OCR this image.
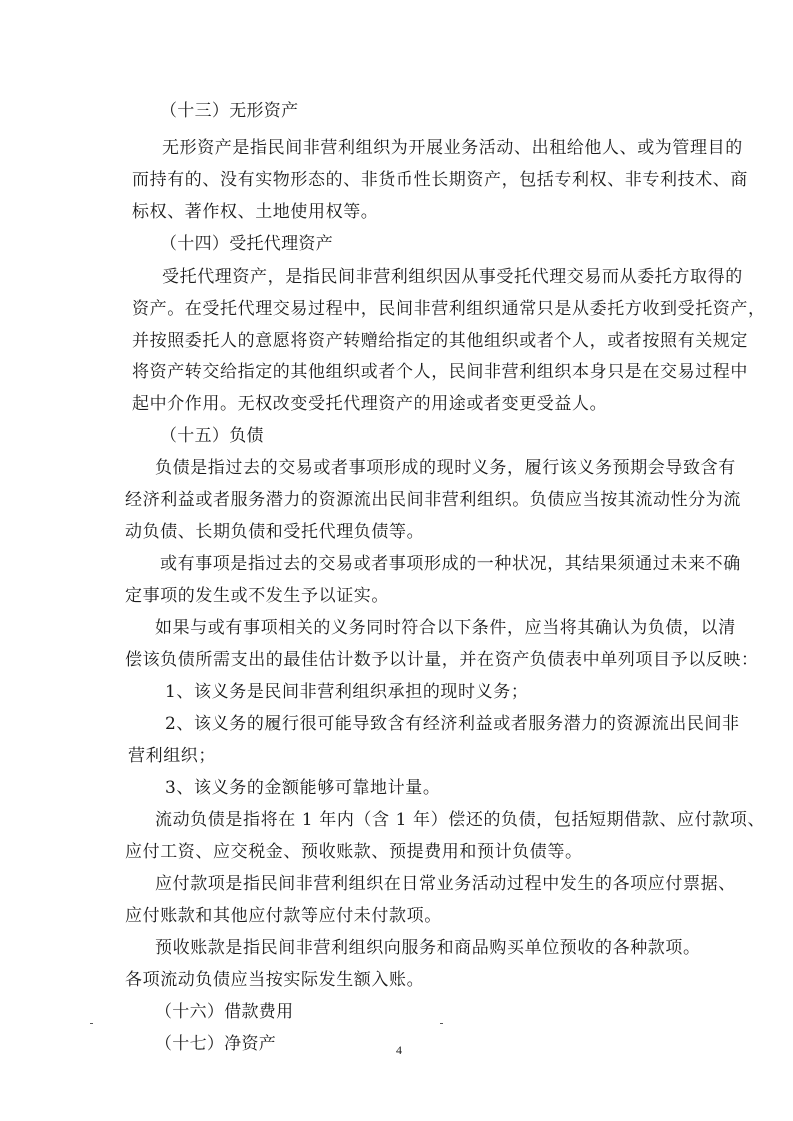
（十三）无形资产
无形资产是指民间非营利组织为开展业务活动、出租给他人、或为管理目的
而持有的、没有实物形态的、非货币性长期资产，包括专利权、非专利技术、商
标权、著作权、土地使用权等。
（十四）受托代理资产
受托代理资产，是指民间非营利组织因从事受托代理交易而从委托方取得的
资产。在受托代理交易过程中，民间非营利组织通常只是从委托方收到受托资产，
并按照委托人的意愿将资产转赠给指定的其他组织或者个人，或者按照有关规定
将资产转交给指定的其他组织或者个人，民间非营利组织本身只是在交易过程中
起中介作用。无权改变受托代理资产的用途或者变更受益人。
（十五）负债
负债是指过去的交易或者事项形成的现时义务，履行该义务预期会导致含有
经济利益或者服务潜力的资源流出民间非营利组织。负债应当按其流动性分为流
动负债、长期负债和受托代理负债等。
或有事项是指过去的交易或者事项形成的一种状况，其结果须通过未来不确
定事项的发生或不发生予以证实。
如果与或有事项相关的义务同时符合以下条件，应当将其确认为负债，以清
偿该负债所需支出的最佳估计数予以计量，并在资产负债表中单列项目予以反映：
1、该义务是民间非营利组织承担的现时义务；
2、该义务的履行很可能导致含有经济利益或者服务潜力的资源流出民间非
营利组织；
3、该义务的金额能够可靠地计量。
流动负债是指将在 1 年内（含 1 年）偿还的负债，包括短期借款、应付款项、
应付工资、应交税金、预收账款、预提费用和预计负债等。
应付款项是指民间非营利组织在日常业务活动过程中发生的各项应付票据、
应付账款和其他应付款等应付未付款项。
预收账款是指民间非营利组织向服务和商品购买单位预收的各种款项。
各项流动负债应当按实际发生额入账。
（十六）借款费用
（十七）净资产	4
